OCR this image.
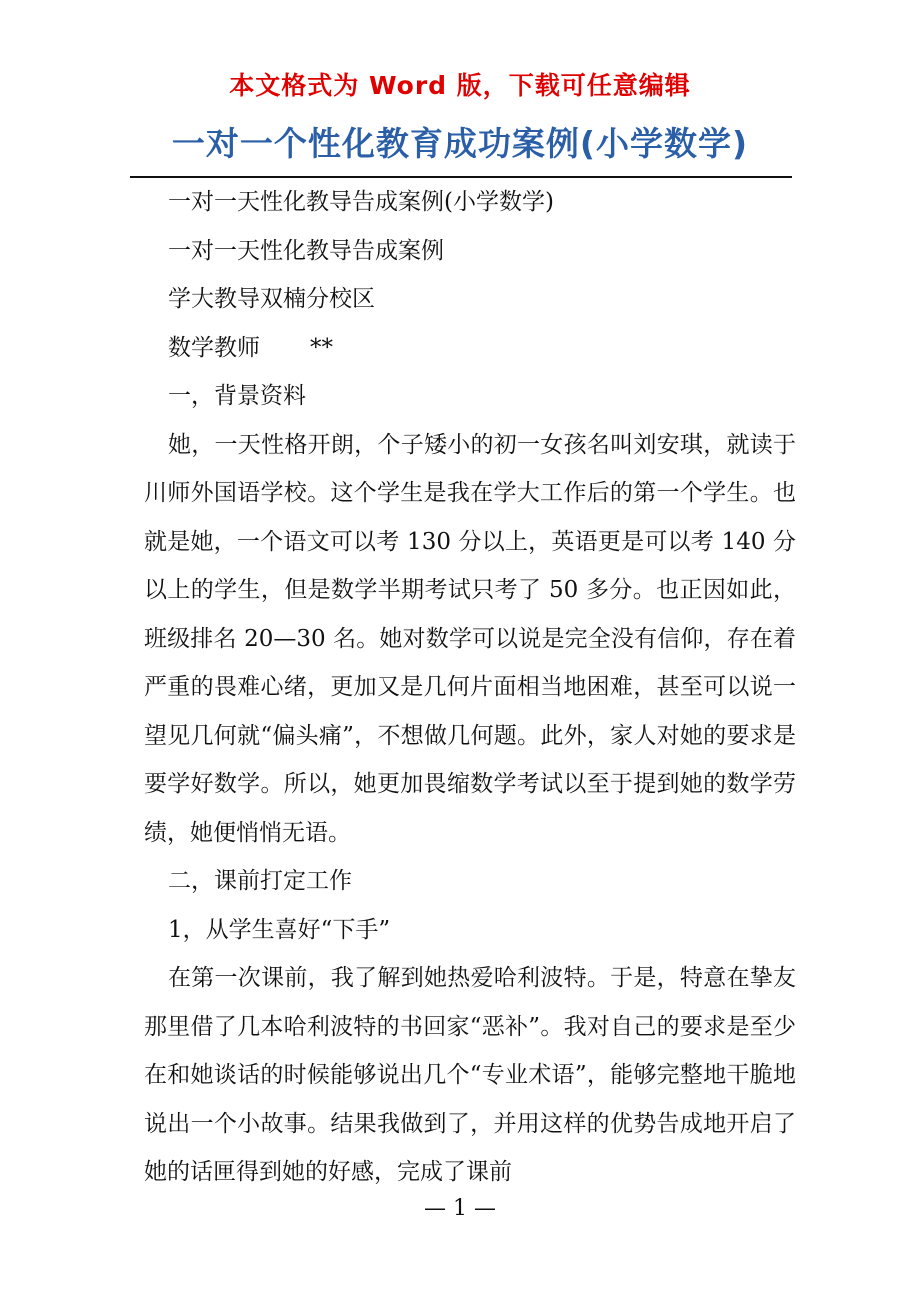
本文格式为 Word 版，下载可任意编辑
一对一个性化教育成功案例(小学数学)

一对一天性化教导告成案例(小学数学)

一对一天性化教导告成案例

学大教导双楠分校区

数学教师 **

一，背景资料

她，一天性格开朗，个子矮小的初一女孩名叫刘安琪，就读于川师外国语学校。这个学生是我在学大工作后的第一个学生。也就是她，一个语文可以考 130 分以上，英语更是可以考 140 分以上的学生，但是数学半期考试只考了 50 多分。也正因如此，班级排名 20—30 名。她对数学可以说是完全没有信仰，存在着严重的畏难心绪，更加又是几何片面相当地困难，甚至可以说一望见几何就“偏头痛”，不想做几何题。此外，家人对她的要求是要学好数学。所以，她更加畏缩数学考试以至于提到她的数学劳绩，她便悄悄无语。

二，课前打定工作

1，从学生喜好“下手”

在第一次课前，我了解到她热爱哈利波特。于是，特意在挚友那里借了几本哈利波特的书回家“恶补”。我对自己的要求是至少在和她谈话的时候能够说出几个“专业术语”，能够完整地干脆地说出一个小故事。结果我做到了，并用这样的优势告成地开启了她的话匣得到她的好感，完成了课前

— 1 —
